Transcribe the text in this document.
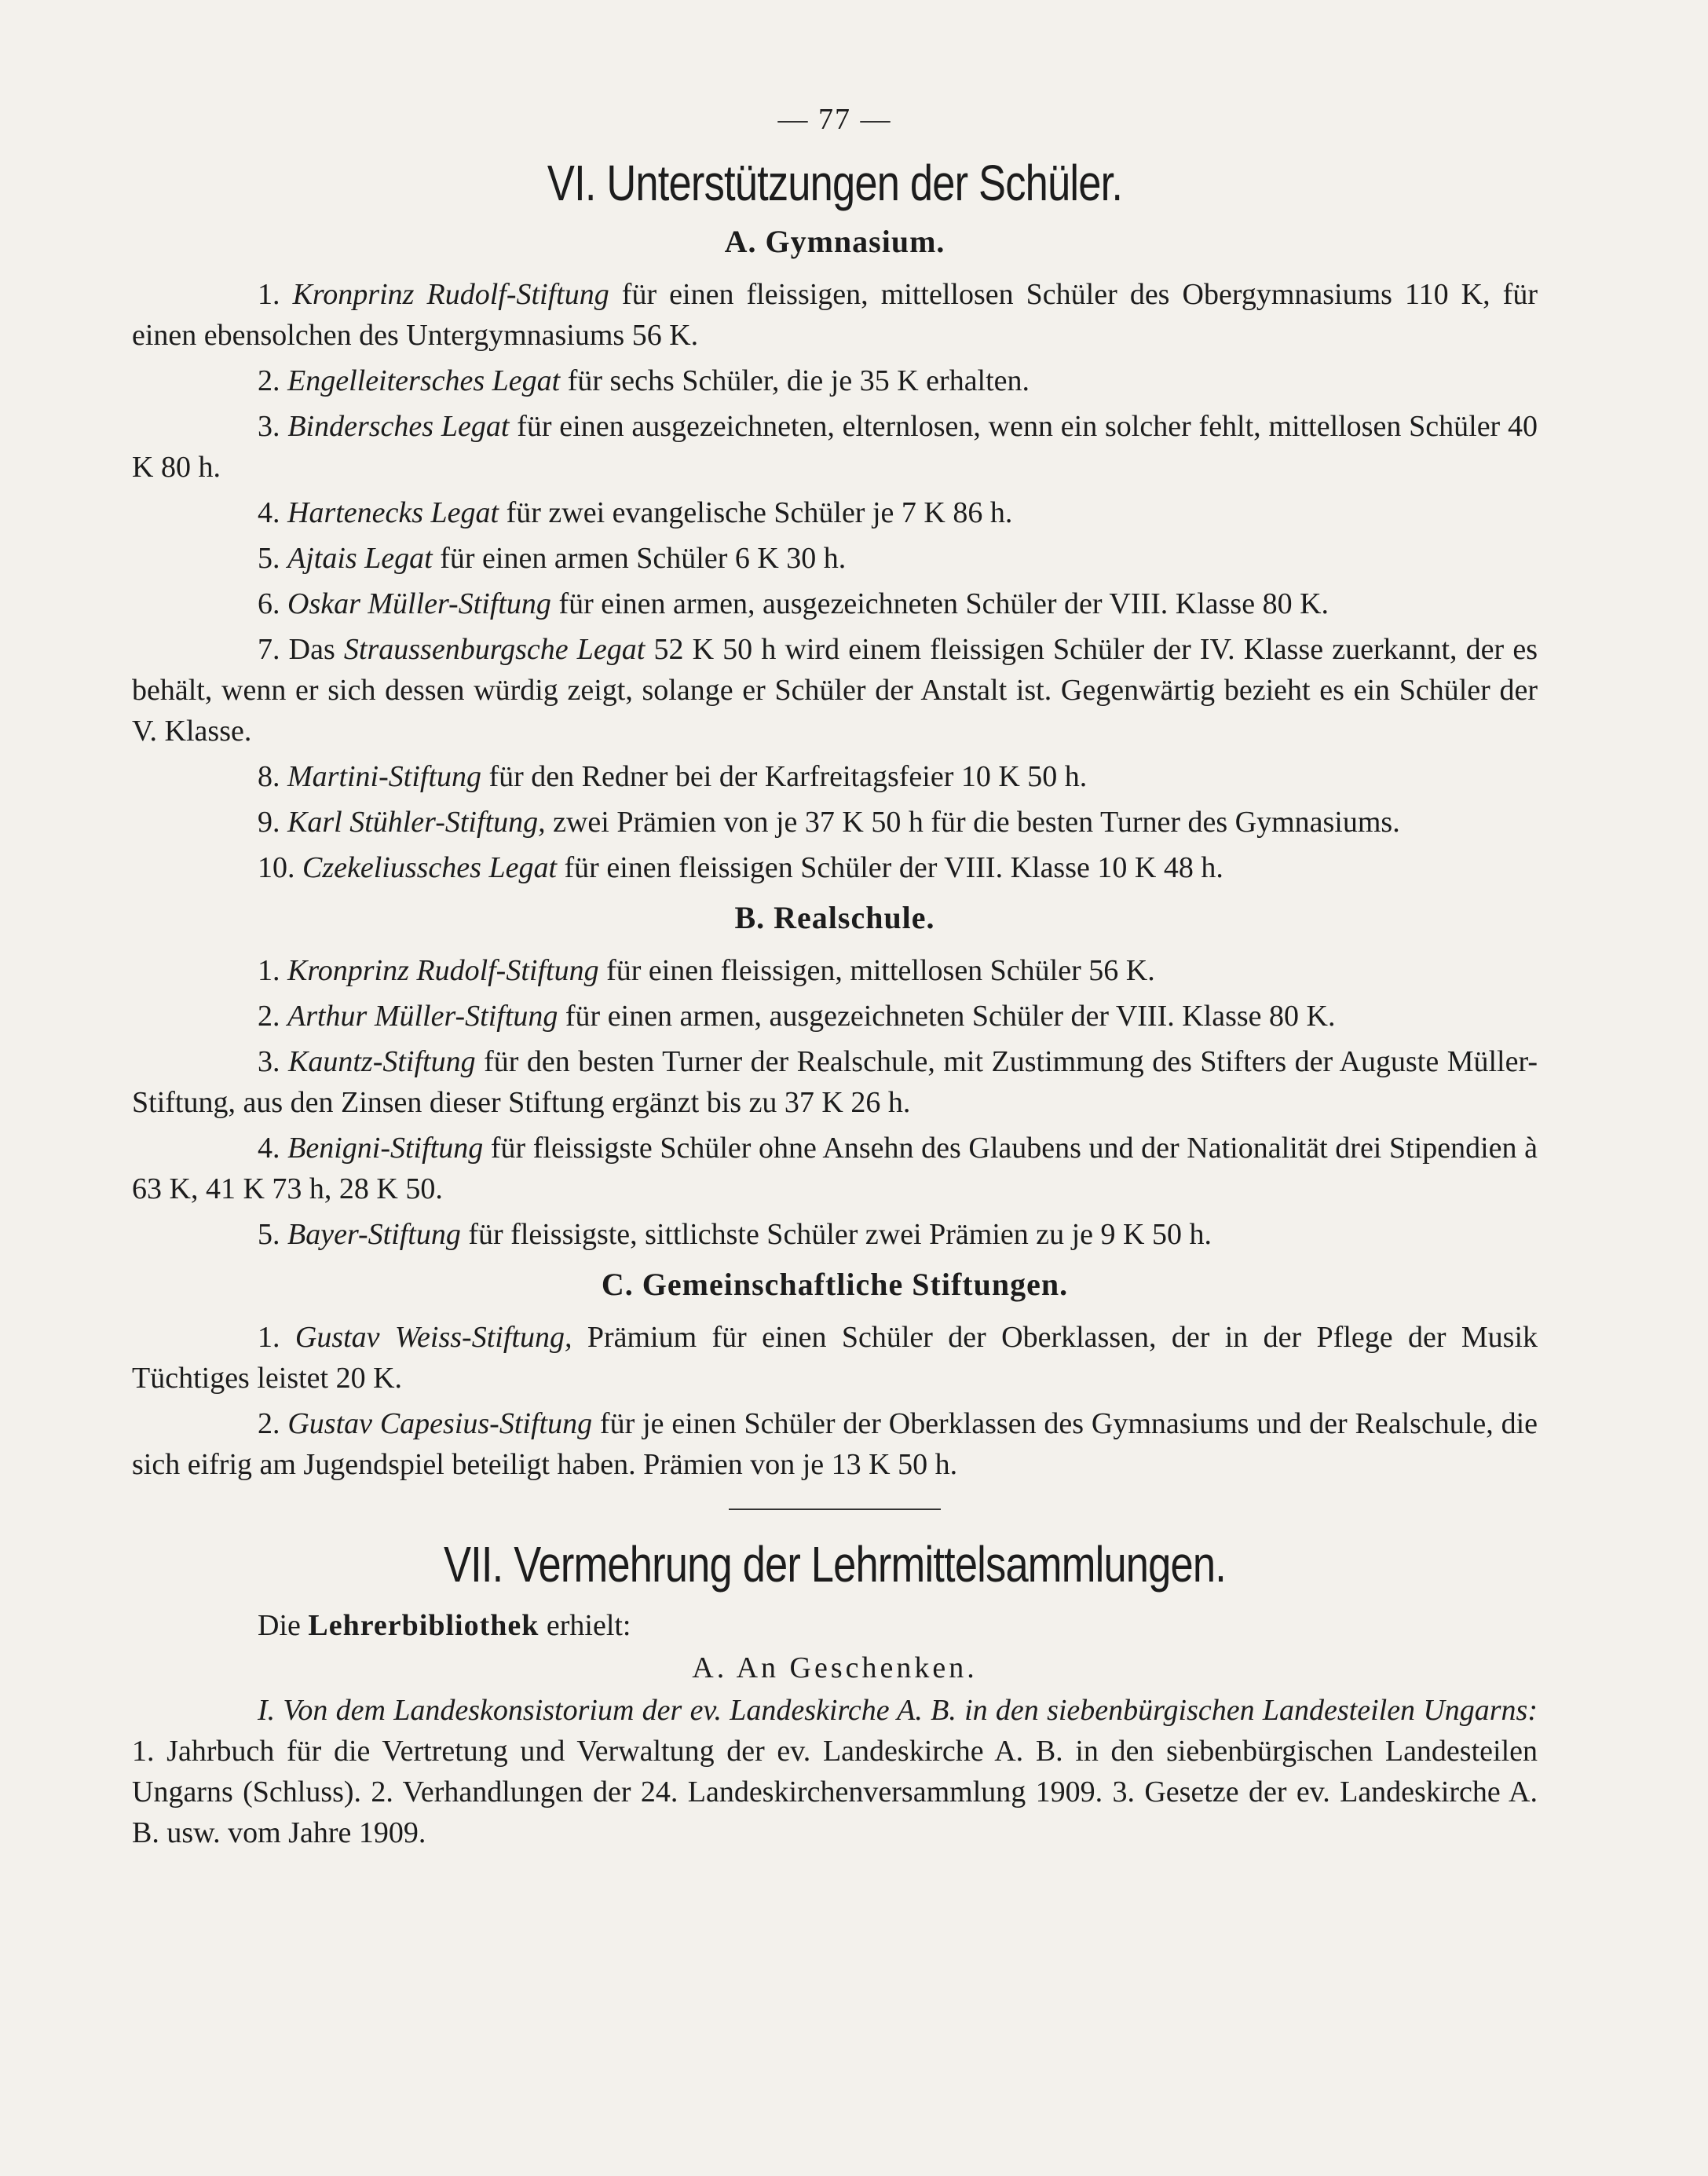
— 77 —
VI. Unterstützungen der Schüler.
A. Gymnasium.

1. Kronprinz Rudolf-Stiftung für einen fleissigen, mittellosen Schüler des Obergymnasiums 110 K, für einen ebensolchen des Untergymnasiums 56 K.

2. Engelleitersches Legat für sechs Schüler, die je 35 K erhalten.

3. Bindersches Legat für einen ausgezeichneten, elternlosen, wenn ein solcher fehlt, mittellosen Schüler 40 K 80 h.

4. Hartenecks Legat für zwei evangelische Schüler je 7 K 86 h.

5. Ajtais Legat für einen armen Schüler 6 K 30 h.

6. Oskar Müller-Stiftung für einen armen, ausgezeichneten Schüler der VIII. Klasse 80 K.

7. Das Straussenburgsche Legat 52 K 50 h wird einem fleissigen Schüler der IV. Klasse zuerkannt, der es behält, wenn er sich dessen würdig zeigt, solange er Schüler der Anstalt ist. Gegenwärtig bezieht es ein Schüler der V. Klasse.

8. Martini-Stiftung für den Redner bei der Karfreitagsfeier 10 K 50 h.

9. Karl Stühler-Stiftung, zwei Prämien von je 37 K 50 h für die besten Turner des Gymnasiums.

10. Czekeliussches Legat für einen fleissigen Schüler der VIII. Klasse 10 K 48 h.

B. Realschule.

1. Kronprinz Rudolf-Stiftung für einen fleissigen, mittellosen Schüler 56 K.

2. Arthur Müller-Stiftung für einen armen, ausgezeichneten Schüler der VIII. Klasse 80 K.

3. Kauntz-Stiftung für den besten Turner der Realschule, mit Zustimmung des Stifters der Auguste Müller-Stiftung, aus den Zinsen dieser Stiftung ergänzt bis zu 37 K 26 h.

4. Benigni-Stiftung für fleissigste Schüler ohne Ansehn des Glaubens und der Nationalität drei Stipendien à 63 K, 41 K 73 h, 28 K 50.

5. Bayer-Stiftung für fleissigste, sittlichste Schüler zwei Prämien zu je 9 K 50 h.

C. Gemeinschaftliche Stiftungen.

1. Gustav Weiss-Stiftung, Prämium für einen Schüler der Oberklassen, der in der Pflege der Musik Tüchtiges leistet 20 K.

2. Gustav Capesius-Stiftung für je einen Schüler der Oberklassen des Gymnasiums und der Realschule, die sich eifrig am Jugendspiel beteiligt haben. Prämien von je 13 K 50 h.

VII. Vermehrung der Lehrmittelsammlungen.
Die Lehrerbibliothek erhielt:
A. An Geschenken.

I. Von dem Landeskonsistorium der ev. Landeskirche A. B. in den siebenbürgischen Landesteilen Ungarns: 1. Jahrbuch für die Vertretung und Verwaltung der ev. Landeskirche A. B. in den siebenbürgischen Landesteilen Ungarns (Schluss). 2. Verhandlungen der 24. Landeskirchenversammlung 1909. 3. Gesetze der ev. Landeskirche A. B. usw. vom Jahre 1909.
